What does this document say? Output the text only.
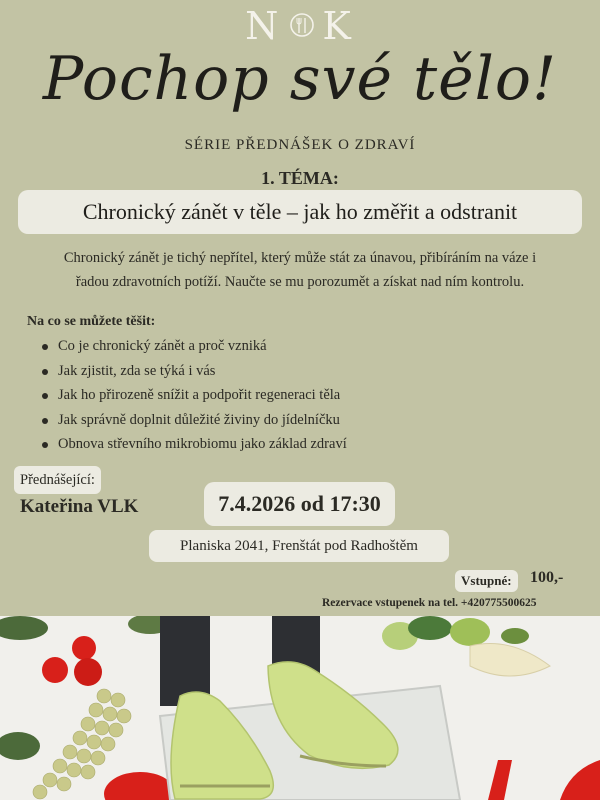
N K
Pochop své tělo!
SÉRIE PŘEDNÁŠEK O ZDRAVÍ
1. TÉMA:
Chronický zánět v těle – jak ho změřit a odstranit
Chronický zánět je tichý nepřítel, který může stát za únavou, přibíráním na váze i
řadou zdravotních potíží. Naučte se mu porozumět a získat nad ním kontrolu.
Na co se můžete těšit:
Co je chronický zánět a proč vzniká
Jak zjistit, zda se týká i vás
Jak ho přirozeně snížit a podpořit regeneraci těla
Jak správně doplnit důležité živiny do jídelníčku
Obnova střevního mikrobiomu jako základ zdraví
Přednášející:
Kateřina VLK	7.4.2026 od 17:30
Planiska 2041, Frenštát pod Radhoštěm
Vstupné:	100,-
Rezervace vstupenek na tel. +420775500625
